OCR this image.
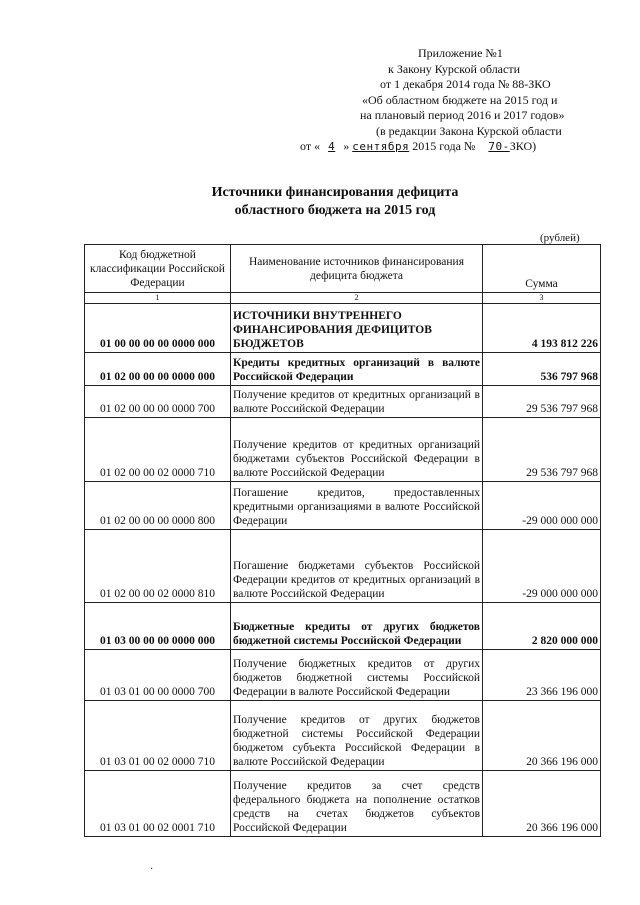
Приложение №1
к Закону Курской области
от 1 декабря 2014 года № 88-ЗКО
«Об областном бюджете на 2015 год и
на плановый период 2016 и 2017 годов»
(в редакции Закона Курской области
от « 4 » сентября 2015 года № 70-ЗКО)
Источники финансирования дефицита
областного бюджета на 2015 год
(рублей)
Код бюджетной классификации Российской Федерации	Наименование источников финансирования дефицита бюджета	Сумма
1	2	3
01 00 00 00 00 0000 000	ИСТОЧНИКИ ВНУТРЕННЕГО ФИНАНСИРОВАНИЯ ДЕФИЦИТОВ БЮДЖЕТОВ	4 193 812 226
01 02 00 00 00 0000 000	Кредиты кредитных организаций в валюте Российской Федерации	536 797 968
01 02 00 00 00 0000 700	Получение кредитов от кредитных организаций в валюте Российской Федерации	29 536 797 968
01 02 00 00 02 0000 710	Получение кредитов от кредитных организаций бюджетами субъектов Российской Федерации в валюте Российской Федерации	29 536 797 968
01 02 00 00 00 0000 800	Погашение кредитов, предоставленных кредитными организациями в валюте Российской Федерации	-29 000 000 000
01 02 00 00 02 0000 810	Погашение бюджетами субъектов Российской Федерации кредитов от кредитных организаций в валюте Российской Федерации	-29 000 000 000
01 03 00 00 00 0000 000	Бюджетные кредиты от других бюджетов бюджетной системы Российской Федерации	2 820 000 000
01 03 01 00 00 0000 700	Получение бюджетных кредитов от других бюджетов бюджетной системы Российской Федерации в валюте Российской Федерации	23 366 196 000
01 03 01 00 02 0000 710	Получение кредитов от других бюджетов бюджетной системы Российской Федерации бюджетом субъекта Российской Федерации в валюте Российской Федерации	20 366 196 000
01 03 01 00 02 0001 710	Получение кредитов за счет средств федерального бюджета на пополнение остатков средств на счетах бюджетов субъектов Российской Федерации	20 366 196 000
·
